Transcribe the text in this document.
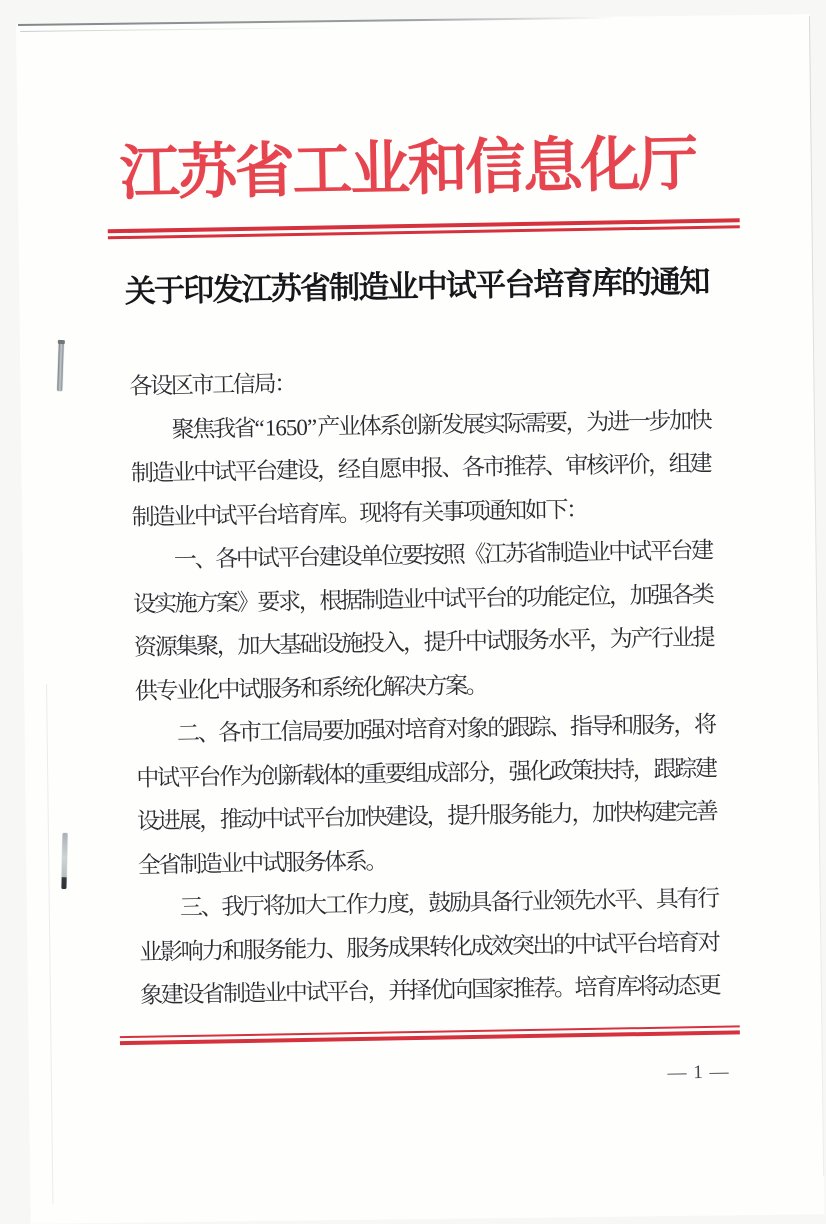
江苏省工业和信息化厅
关于印发江苏省制造业中试平台培育库的通知
各设区市工信局：
　　聚焦我省“1650”产业体系创新发展实际需要，为进一步加快
制造业中试平台建设，经自愿申报、各市推荐、审核评价，组建
制造业中试平台培育库。现将有关事项通知如下：
　　一、各中试平台建设单位要按照《江苏省制造业中试平台建
设实施方案》要求，根据制造业中试平台的功能定位，加强各类
资源集聚，加大基础设施投入，提升中试服务水平，为产行业提
供专业化中试服务和系统化解决方案。
　　二、各市工信局要加强对培育对象的跟踪、指导和服务，将
中试平台作为创新载体的重要组成部分，强化政策扶持，跟踪建
设进展，推动中试平台加快建设，提升服务能力，加快构建完善
全省制造业中试服务体系。
　　三、我厅将加大工作力度，鼓励具备行业领先水平、具有行
业影响力和服务能力、服务成果转化成效突出的中试平台培育对
象建设省制造业中试平台，并择优向国家推荐。培育库将动态更
— 1 —
